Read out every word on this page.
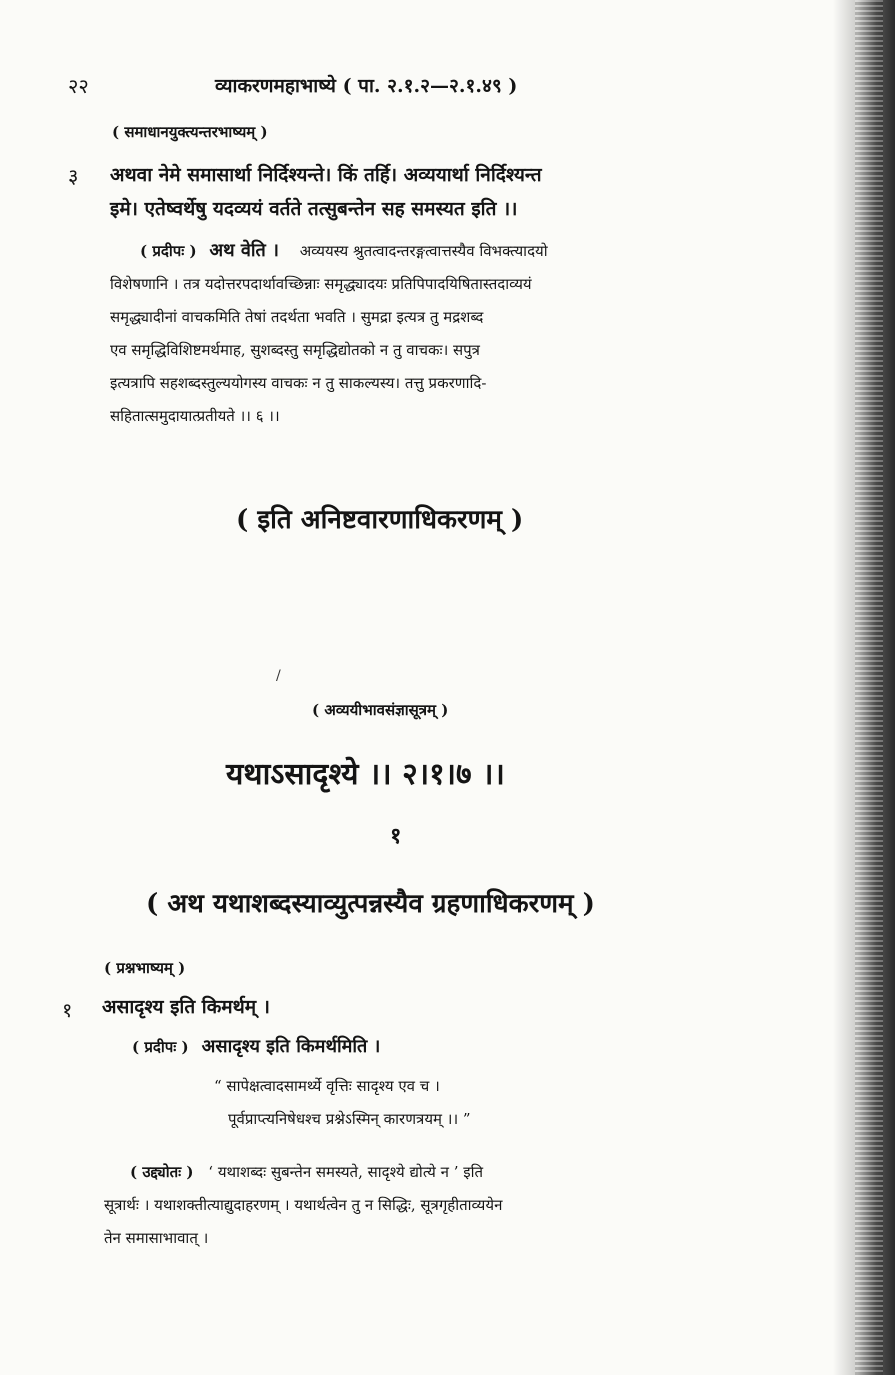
२२	व्याकरणमहाभाष्ये ( पा. २.१.२—२.१.४९ )
( समाधानयुक्त्यन्तरभाष्यम् )
३ अथवा नेमे समासार्था निर्दिश्यन्ते। किं तर्हि। अव्ययार्था निर्दिश्यन्त
इमे। एतेष्वर्थेषु यदव्ययं वर्तते तत्सुबन्तेन सह समस्यत इति ।।
( प्रदीपः ) अथ वेति । अव्ययस्य श्रुतत्वादन्तरङ्गत्वात्तस्यैव विभक्त्यादयो
विशेषणानि । तत्र यदोत्तरपदार्थावच्छिन्नाः समृद्ध्यादयः प्रतिपिपादयिषितास्तदाव्ययं
समृद्ध्यादीनां वाचकमिति तेषां तदर्थता भवति । सुमद्रा इत्यत्र तु मद्रशब्द
एव समृद्धिविशिष्टमर्थमाह, सुशब्दस्तु समृद्धिद्योतको न तु वाचकः। सपुत्र
इत्यत्रापि सहशब्दस्तुल्ययोगस्य वाचकः न तु साकल्यस्य। तत्तु प्रकरणादि-
सहितात्समुदायात्प्रतीयते ।। ६ ।।
( इति अनिष्टवारणाधिकरणम् )
/
( अव्ययीभावसंज्ञासूत्रम् )
यथाऽसादृश्ये ।। २।१।७ ।।
१
( अथ यथाशब्दस्याव्युत्पन्नस्यैव ग्रहणाधिकरणम् )
( प्रश्नभाष्यम् )
१ असादृश्य इति किमर्थम् ।
( प्रदीपः ) असादृश्य इति किमर्थमिति ।
“ सापेक्षत्वादसामर्थ्ये वृत्तिः सादृश्य एव च ।
पूर्वप्राप्त्यनिषेधश्च प्रश्नेऽस्मिन् कारणत्रयम् ।। ”
( उद्द्योतः ) ‘ यथाशब्दः सुबन्तेन समस्यते, सादृश्ये द्योत्ये न ’ इति
सूत्रार्थः । यथाशक्तीत्याद्युदाहरणम् । यथार्थत्वेन तु न सिद्धिः, सूत्रगृहीताव्ययेन
तेन समासाभावात् ।
